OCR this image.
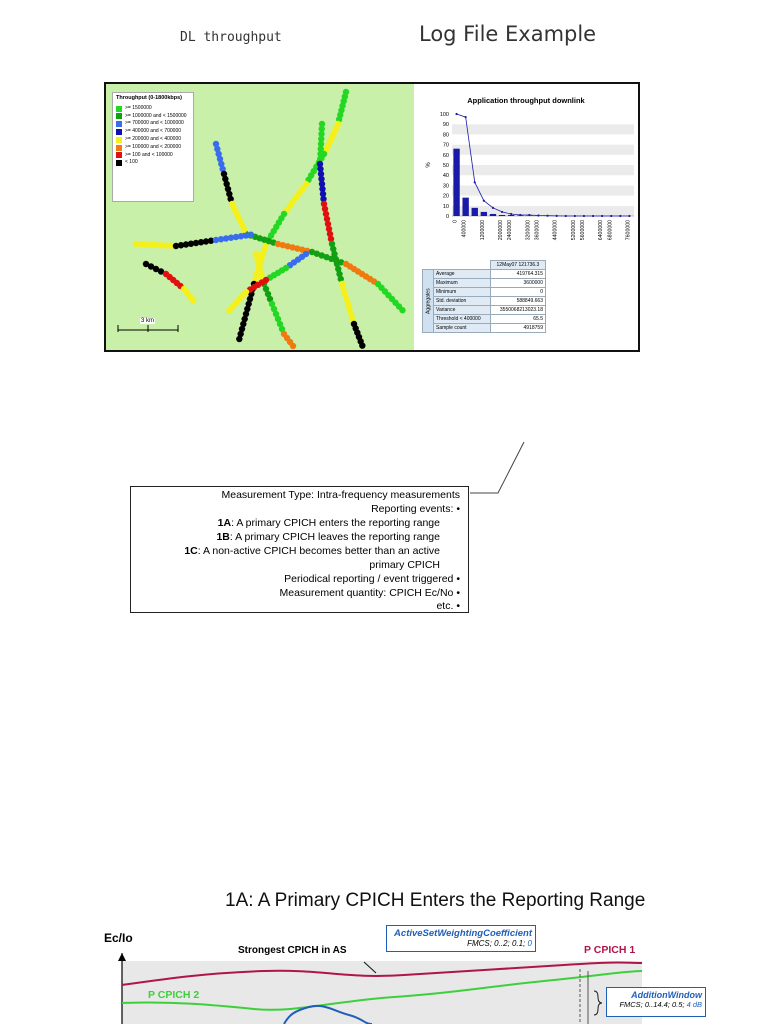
DL throughput	Log File Example
Throughput (0-1800kbps)
>= 1500000
>= 1000000 and < 1500000
>= 700000 and < 1000000
>= 400000 and < 700000
>= 200000 and < 400000
>= 100000 and < 200000
>= 100 and < 100000
< 100
3 km
Application throughput downlink
0
10
20
30
40
50
60
70
80
90
100
%
0 400000 1200000 2000000 2400000 3200000 3600000 4400000 5200000 5600000 6400000 6800000 7600000
		12May07 121736.3
Aggregates	Average	419764.315
	Maximum	3600000
	Minimum	0
	Std. deviation	588849.663
	Variance	3550068213023.18
	Threshold < 400000	65.5
	Sample count	4918759
Measurement Type: Intra-frequency measurements
Reporting events: •
1A: A primary CPICH enters the reporting range
1B: A primary CPICH leaves the reporting range
1C: A non-active CPICH becomes better than an active
primary CPICH
Periodical reporting / event triggered •
Measurement quantity: CPICH Ec/No •
etc. •
1A: A Primary CPICH Enters the Reporting Range
Ec/Io
Strongest CPICH in AS
ActiveSetWeightingCoefficient
FMCS; 0..2; 0.1; 0
P CPICH 1
P CPICH 2	AdditionWindow
FMCS; 0..14.4; 0.5; 4 dB
